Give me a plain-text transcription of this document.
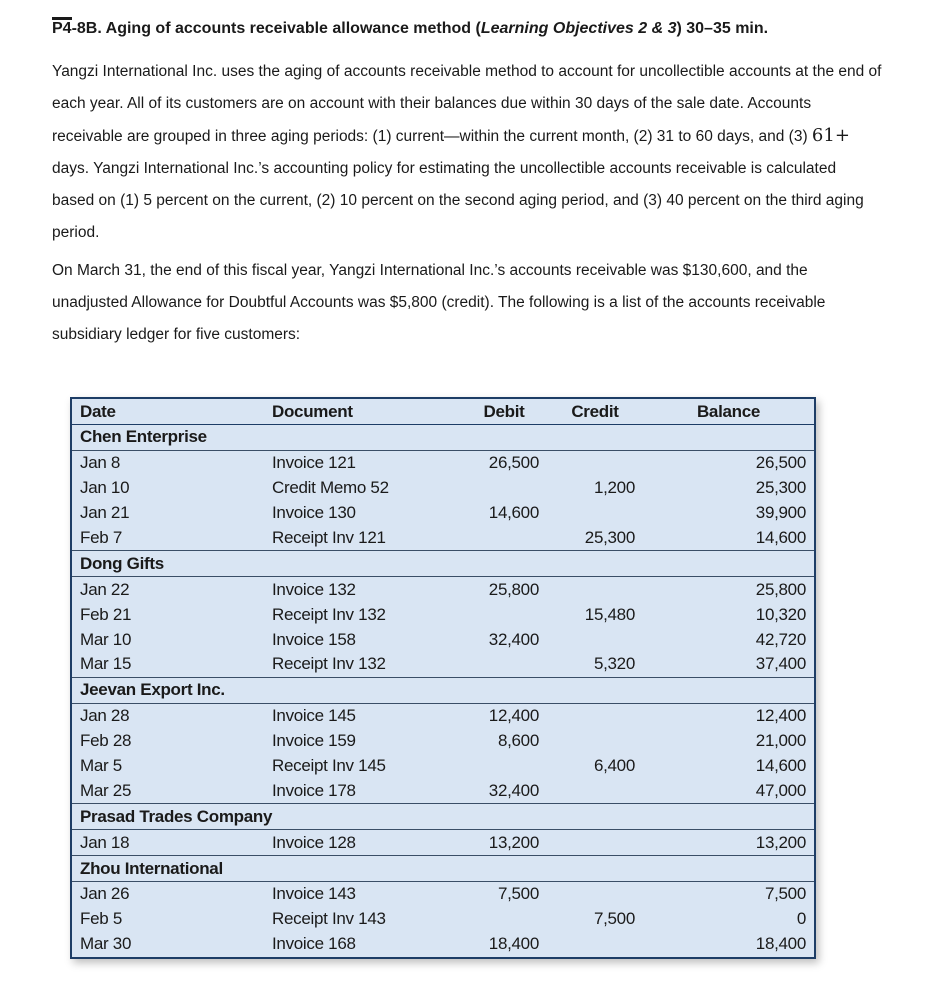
P4-8B. Aging of accounts receivable allowance method (Learning Objectives 2 & 3) 30–35 min.

Yangzi International Inc. uses the aging of accounts receivable method to account for uncollectible accounts at the end of each year. All of its customers are on account with their balances due within 30 days of the sale date. Accounts receivable are grouped in three aging periods: (1) current—within the current month, (2) 31 to 60 days, and (3) 61+ days. Yangzi International Inc.’s accounting policy for estimating the uncollectible accounts receivable is calculated based on (1) 5 percent on the current, (2) 10 percent on the second aging period, and (3) 40 percent on the third aging period.

On March 31, the end of this fiscal year, Yangzi International Inc.’s accounts receivable was $130,600, and the unadjusted Allowance for Doubtful Accounts was $5,800 (credit). The following is a list of the accounts receivable subsidiary ledger for five customers:

Date	Document	Debit	Credit	Balance
Chen Enterprise				
Jan 8	Invoice 121	26,500		26,500
Jan 10	Credit Memo 52		1,200	25,300
Jan 21	Invoice 130	14,600		39,900
Feb 7	Receipt Inv 121		25,300	14,600
Dong Gifts				
Jan 22	Invoice 132	25,800		25,800
Feb 21	Receipt Inv 132		15,480	10,320
Mar 10	Invoice 158	32,400		42,720
Mar 15	Receipt Inv 132		5,320	37,400
Jeevan Export Inc.				
Jan 28	Invoice 145	12,400		12,400
Feb 28	Invoice 159	8,600		21,000
Mar 5	Receipt Inv 145		6,400	14,600
Mar 25	Invoice 178	32,400		47,000
Prasad Trades Company				
Jan 18	Invoice 128	13,200		13,200
Zhou International				
Jan 26	Invoice 143	7,500		7,500
Feb 5	Receipt Inv 143		7,500	0
Mar 30	Invoice 168	18,400		18,400
